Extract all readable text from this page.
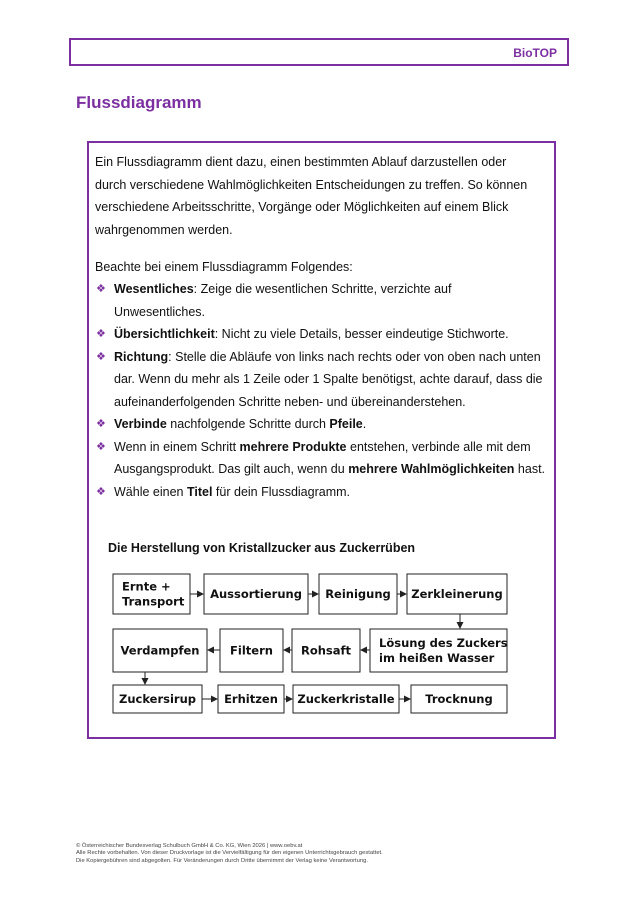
BioTOP
Flussdiagramm

Ein Flussdiagramm dient dazu, einen bestimmten Ablauf darzustellen oder durch verschiedene Wahlmöglichkeiten Entscheidungen zu treffen. So können verschiedene Arbeitsschritte, Vorgänge oder Möglichkeiten auf einem Blick wahrgenommen werden.

Beachte bei einem Flussdiagramm Folgendes:

❖ Wesentliches: Zeige die wesentlichen Schritte, verzichte auf Unwesentliches.
❖ Übersichtlichkeit: Nicht zu viele Details, besser eindeutige Stichworte.
❖ Richtung: Stelle die Abläufe von links nach rechts oder von oben nach unten dar. Wenn du mehr als 1 Zeile oder 1 Spalte benötigst, achte darauf, dass die aufeinanderfolgenden Schritte neben- und übereinanderstehen.
❖ Verbinde nachfolgende Schritte durch Pfeile.
❖ Wenn in einem Schritt mehrere Produkte entstehen, verbinde alle mit dem Ausgangsprodukt. Das gilt auch, wenn du mehrere Wahlmöglichkeiten hast.
❖ Wähle einen Titel für dein Flussdiagramm.
Die Herstellung von Kristallzucker aus Zuckerrüben
Ernte +
Transport
Aussortierung Reinigung Zerkleinerung
Lösung des Zuckers
im heißen Wasser
Rohsaft
Filtern
Verdampfen
Zuckersirup Erhitzen Zuckerkristalle	Trocknung
© Österreichischer Bundesverlag Schulbuch GmbH & Co. KG, Wien 2026 | www.oebv.at
Alle Rechte vorbehalten. Von dieser Druckvorlage ist die Vervielfältigung für den eigenen Unterrichtsgebrauch gestattet.
Die Kopiergebühren sind abgegolten. Für Veränderungen durch Dritte übernimmt der Verlag keine Verantwortung.
